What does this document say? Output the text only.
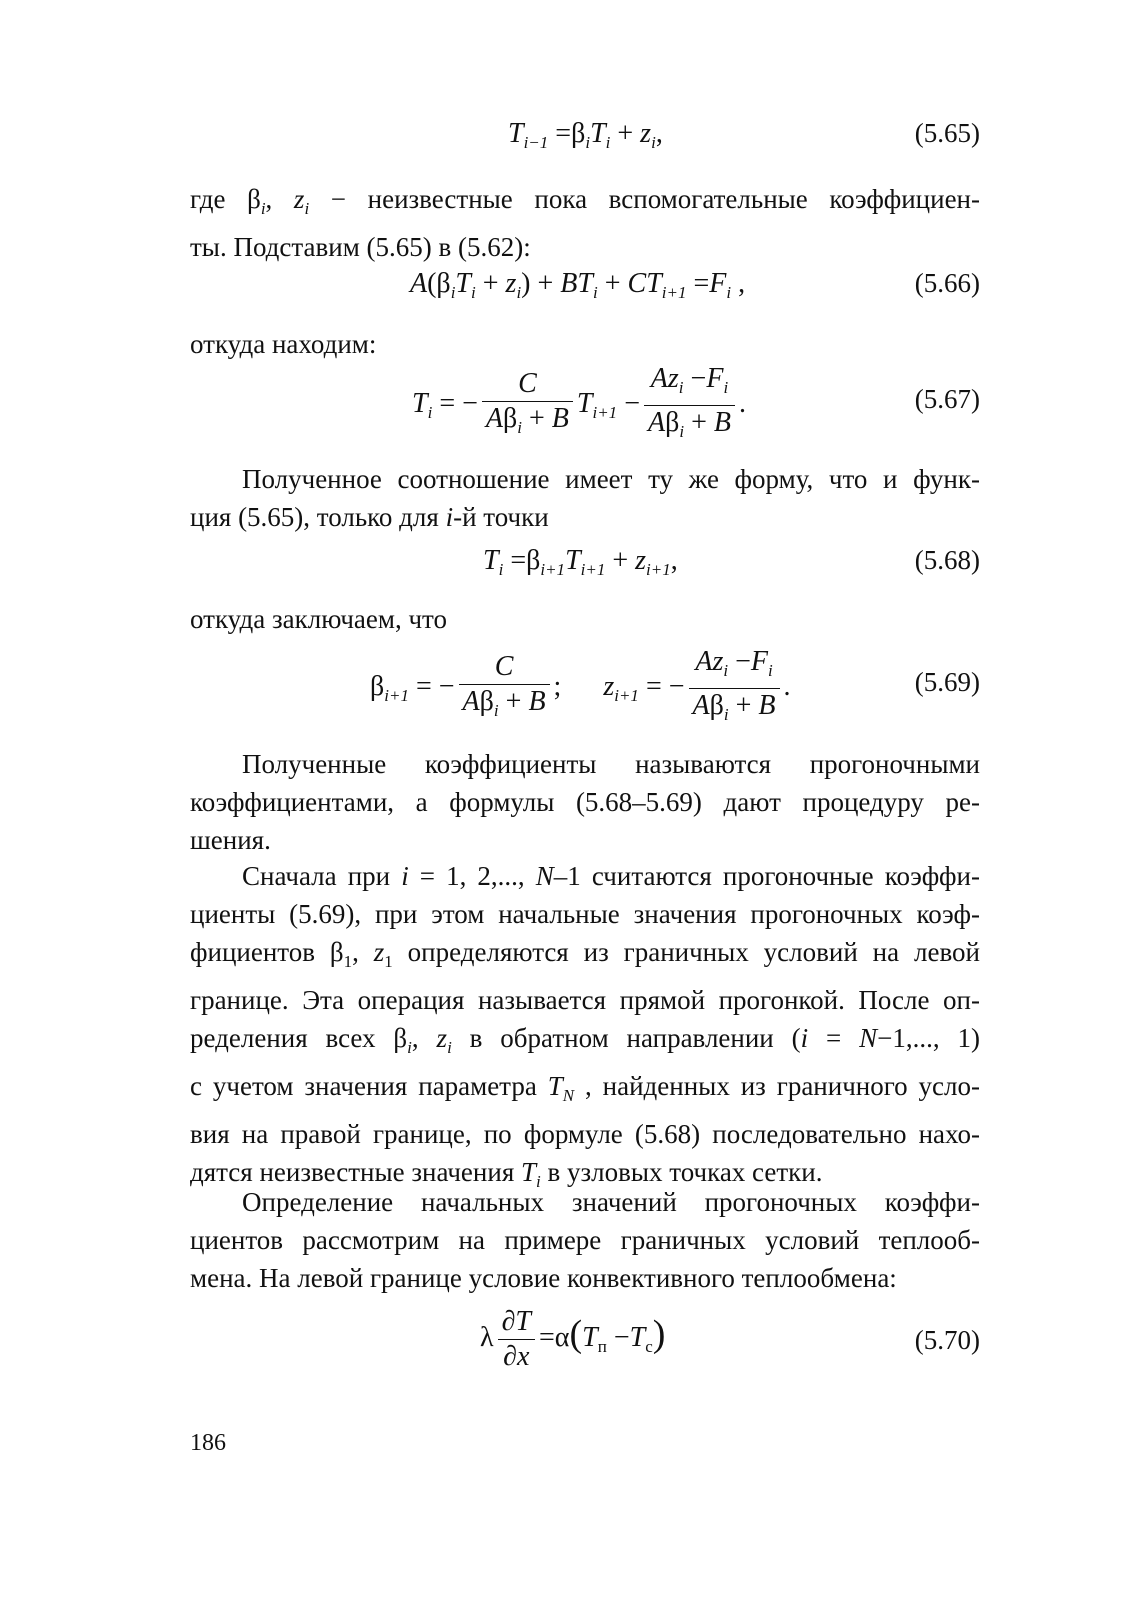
$T_{i-1} =\beta_iT_i + z_i$,	(5.65)
где $\beta_i$, $z_i$ − неизвестные пока вспомогательные коэффициен-
ты. Подставим (5.65) в (5.62):
$A(\beta_iT_i + z_i) + BT_i + CT_{i+1} =F_i$ ,	(5.66)
откуда находим:
$T_i$ = − $\frac{C}{A\beta_i + B} T_{i+1} - \frac{Az_i -F_i}{A\beta_i + B}$ .	(5.67)
Полученное соотношение имеет ту же форму, что и функ-
ция (5.65), только для i-й точки
$T_i =\beta_{i+1}T_{i+1} + z_{i+1}$,	(5.68)
откуда заключаем, что
$\beta_{i+1}$ = − $\frac{C}{A\beta_i + B}$ ;      $z_{i+1}$ = − $\frac{Az_i -F_i}{A\beta_i + B}$ .	(5.69)
Полученные коэффициенты называются прогоночными
коэффициентами, а формулы (5.68–5.69) дают процедуру ре-
шения.
Сначала при i = 1, 2,..., N–1 считаются прогоночные коэффи-
циенты (5.69), при этом начальные значения прогоночных коэф-
фициентов $\beta_1$, $z_1$ определяются из граничных условий на левой
границе. Эта операция называется прямой прогонкой. После оп-
ределения всех $\beta_i$, $z_i$ в обратном направлении (i = N−1,..., 1)
с учетом значения параметра $T_N$ , найденных из граничного усло-
вия на правой границе, по формуле (5.68) последовательно нахо-
дятся неизвестные значения $T_i$ в узловых точках сетки.
Определение начальных значений прогоночных коэффи-
циентов рассмотрим на примере граничных условий теплооб-
мена. На левой границе условие конвективного теплообмена:
λ $\frac{\partial T}{\partial x} =\alpha(T_п -T_с)$	(5.70)
186
